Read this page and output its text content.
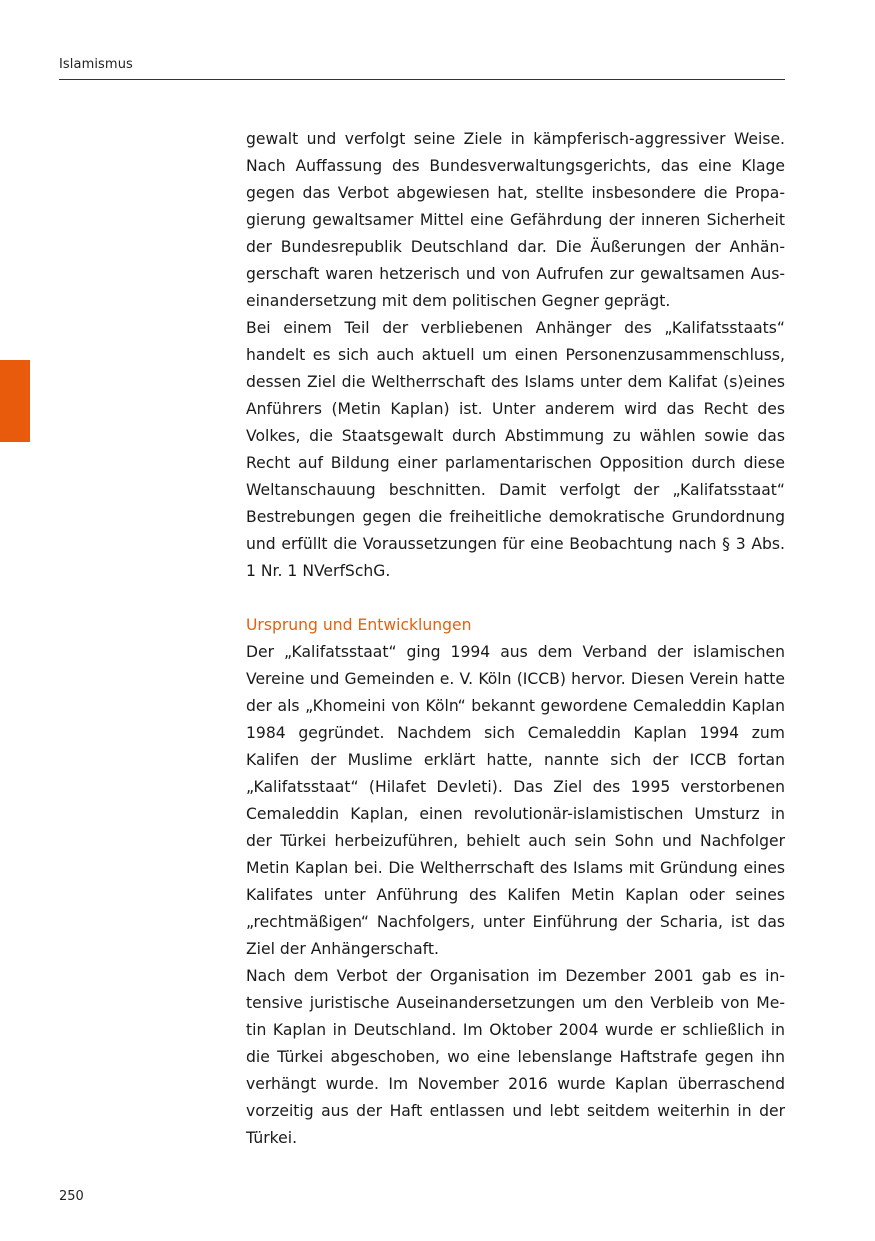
Islamismus

gewalt und verfolgt seine Ziele in kämpferisch-aggressiver Weise. Nach Auffassung des Bundesverwaltungsgerichts, das eine Klage gegen das Verbot abgewiesen hat, stellte insbesondere die Propagierung gewaltsamer Mittel eine Gefährdung der inneren Sicherheit der Bundesrepublik Deutschland dar. Die Äußerungen der Anhängerschaft waren hetzerisch und von Aufrufen zur gewaltsamen Auseinandersetzung mit dem politischen Gegner geprägt.

Bei einem Teil der verbliebenen Anhänger des „Kalifatsstaats“ handelt es sich auch aktuell um einen Personenzusammenschluss, dessen Ziel die Weltherrschaft des Islams unter dem Kalifat (s)eines Anführers (Metin Kaplan) ist. Unter anderem wird das Recht des Volkes, die Staatsgewalt durch Abstimmung zu wählen sowie das Recht auf Bildung einer parlamentarischen Opposition durch diese Weltanschauung beschnitten. Damit verfolgt der „Kalifatsstaat“ Bestrebungen gegen die freiheitliche demokratische Grundordnung und erfüllt die Voraussetzungen für eine Beobachtung nach § 3 Abs. 1 Nr. 1 NVerfSchG.

Ursprung und Entwicklungen

Der „Kalifatsstaat“ ging 1994 aus dem Verband der islamischen Vereine und Gemeinden e. V. Köln (ICCB) hervor. Diesen Verein hatte der als „Khomeini von Köln“ bekannt gewordene Cemaleddin Kaplan 1984 gegründet. Nachdem sich Cemaleddin Kaplan 1994 zum Kalifen der Muslime erklärt hatte, nannte sich der ICCB fortan „Kalifatsstaat“ (Hilafet Devleti). Das Ziel des 1995 verstorbenen Cemaleddin Kaplan, einen revolutionär-islamistischen Umsturz in der Türkei herbeizuführen, behielt auch sein Sohn und Nachfolger Metin Kaplan bei. Die Weltherrschaft des Islams mit Gründung eines Kalifates unter Anführung des Kalifen Metin Kaplan oder seines „rechtmäßigen“ Nachfolgers, unter Einführung der Scharia, ist das Ziel der Anhängerschaft.

Nach dem Verbot der Organisation im Dezember 2001 gab es intensive juristische Auseinandersetzungen um den Verbleib von Metin Kaplan in Deutschland. Im Oktober 2004 wurde er schließlich in die Türkei abgeschoben, wo eine lebenslange Haftstrafe gegen ihn verhängt wurde. Im November 2016 wurde Kaplan überraschend vorzeitig aus der Haft entlassen und lebt seitdem weiterhin in der Türkei.

250
